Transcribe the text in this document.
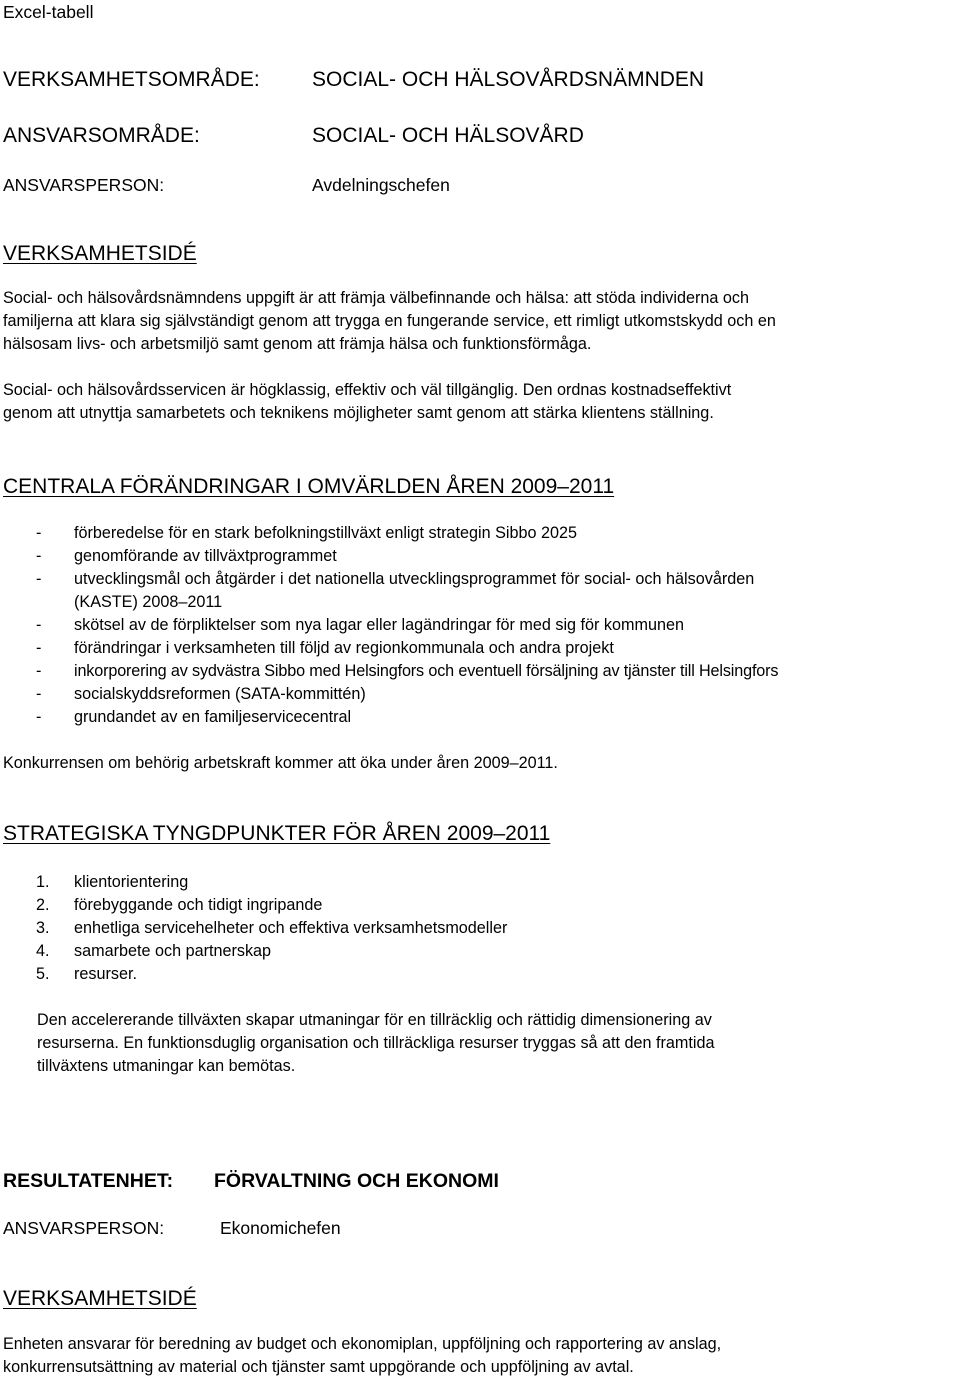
Excel-tabell
VERKSAMHETSOMRÅDE: SOCIAL- OCH HÄLSOVÅRDSNÄMNDEN
ANSVARSOMRÅDE:	SOCIAL- OCH HÄLSOVÅRD
ANSVARSPERSON:	Avdelningschefen
VERKSAMHETSIDÉ
Social- och hälsovårdsnämndens uppgift är att främja välbefinnande och hälsa: att stöda individerna och
familjerna att klara sig självständigt genom att trygga en fungerande service, ett rimligt utkomstskydd och en
hälsosam livs- och arbetsmiljö samt genom att främja hälsa och funktionsförmåga.
Social- och hälsovårdsservicen är högklassig, effektiv och väl tillgänglig. Den ordnas kostnadseffektivt
genom att utnyttja samarbetets och teknikens möjligheter samt genom att stärka klientens ställning.
CENTRALA FÖRÄNDRINGAR I OMVÄRLDEN ÅREN 2009–2011
- förberedelse för en stark befolkningstillväxt enligt strategin Sibbo 2025
- genomförande av tillväxtprogrammet
- utvecklingsmål och åtgärder i det nationella utvecklingsprogrammet för social- och hälsovården
(KASTE) 2008–2011
- skötsel av de förpliktelser som nya lagar eller lagändringar för med sig för kommunen
- förändringar i verksamheten till följd av regionkommunala och andra projekt
- inkorporering av sydvästra Sibbo med Helsingfors och eventuell försäljning av tjänster till Helsingfors
- socialskyddsreformen (SATA-kommittén)
- grundandet av en familjeservicecentral
Konkurrensen om behörig arbetskraft kommer att öka under åren 2009–2011.
STRATEGISKA TYNGDPUNKTER FÖR ÅREN 2009–2011
1. klientorientering
2. förebyggande och tidigt ingripande
3. enhetliga servicehelheter och effektiva verksamhetsmodeller
4. samarbete och partnerskap
5. resurser.
Den accelererande tillväxten skapar utmaningar för en tillräcklig och rättidig dimensionering av
resurserna. En funktionsduglig organisation och tillräckliga resurser tryggas så att den framtida
tillväxtens utmaningar kan bemötas.
RESULTATENHET: FÖRVALTNING OCH EKONOMI
ANSVARSPERSON:	Ekonomichefen
VERKSAMHETSIDÉ
Enheten ansvarar för beredning av budget och ekonomiplan, uppföljning och rapportering av anslag,
konkurrensutsättning av material och tjänster samt uppgörande och uppföljning av avtal.
